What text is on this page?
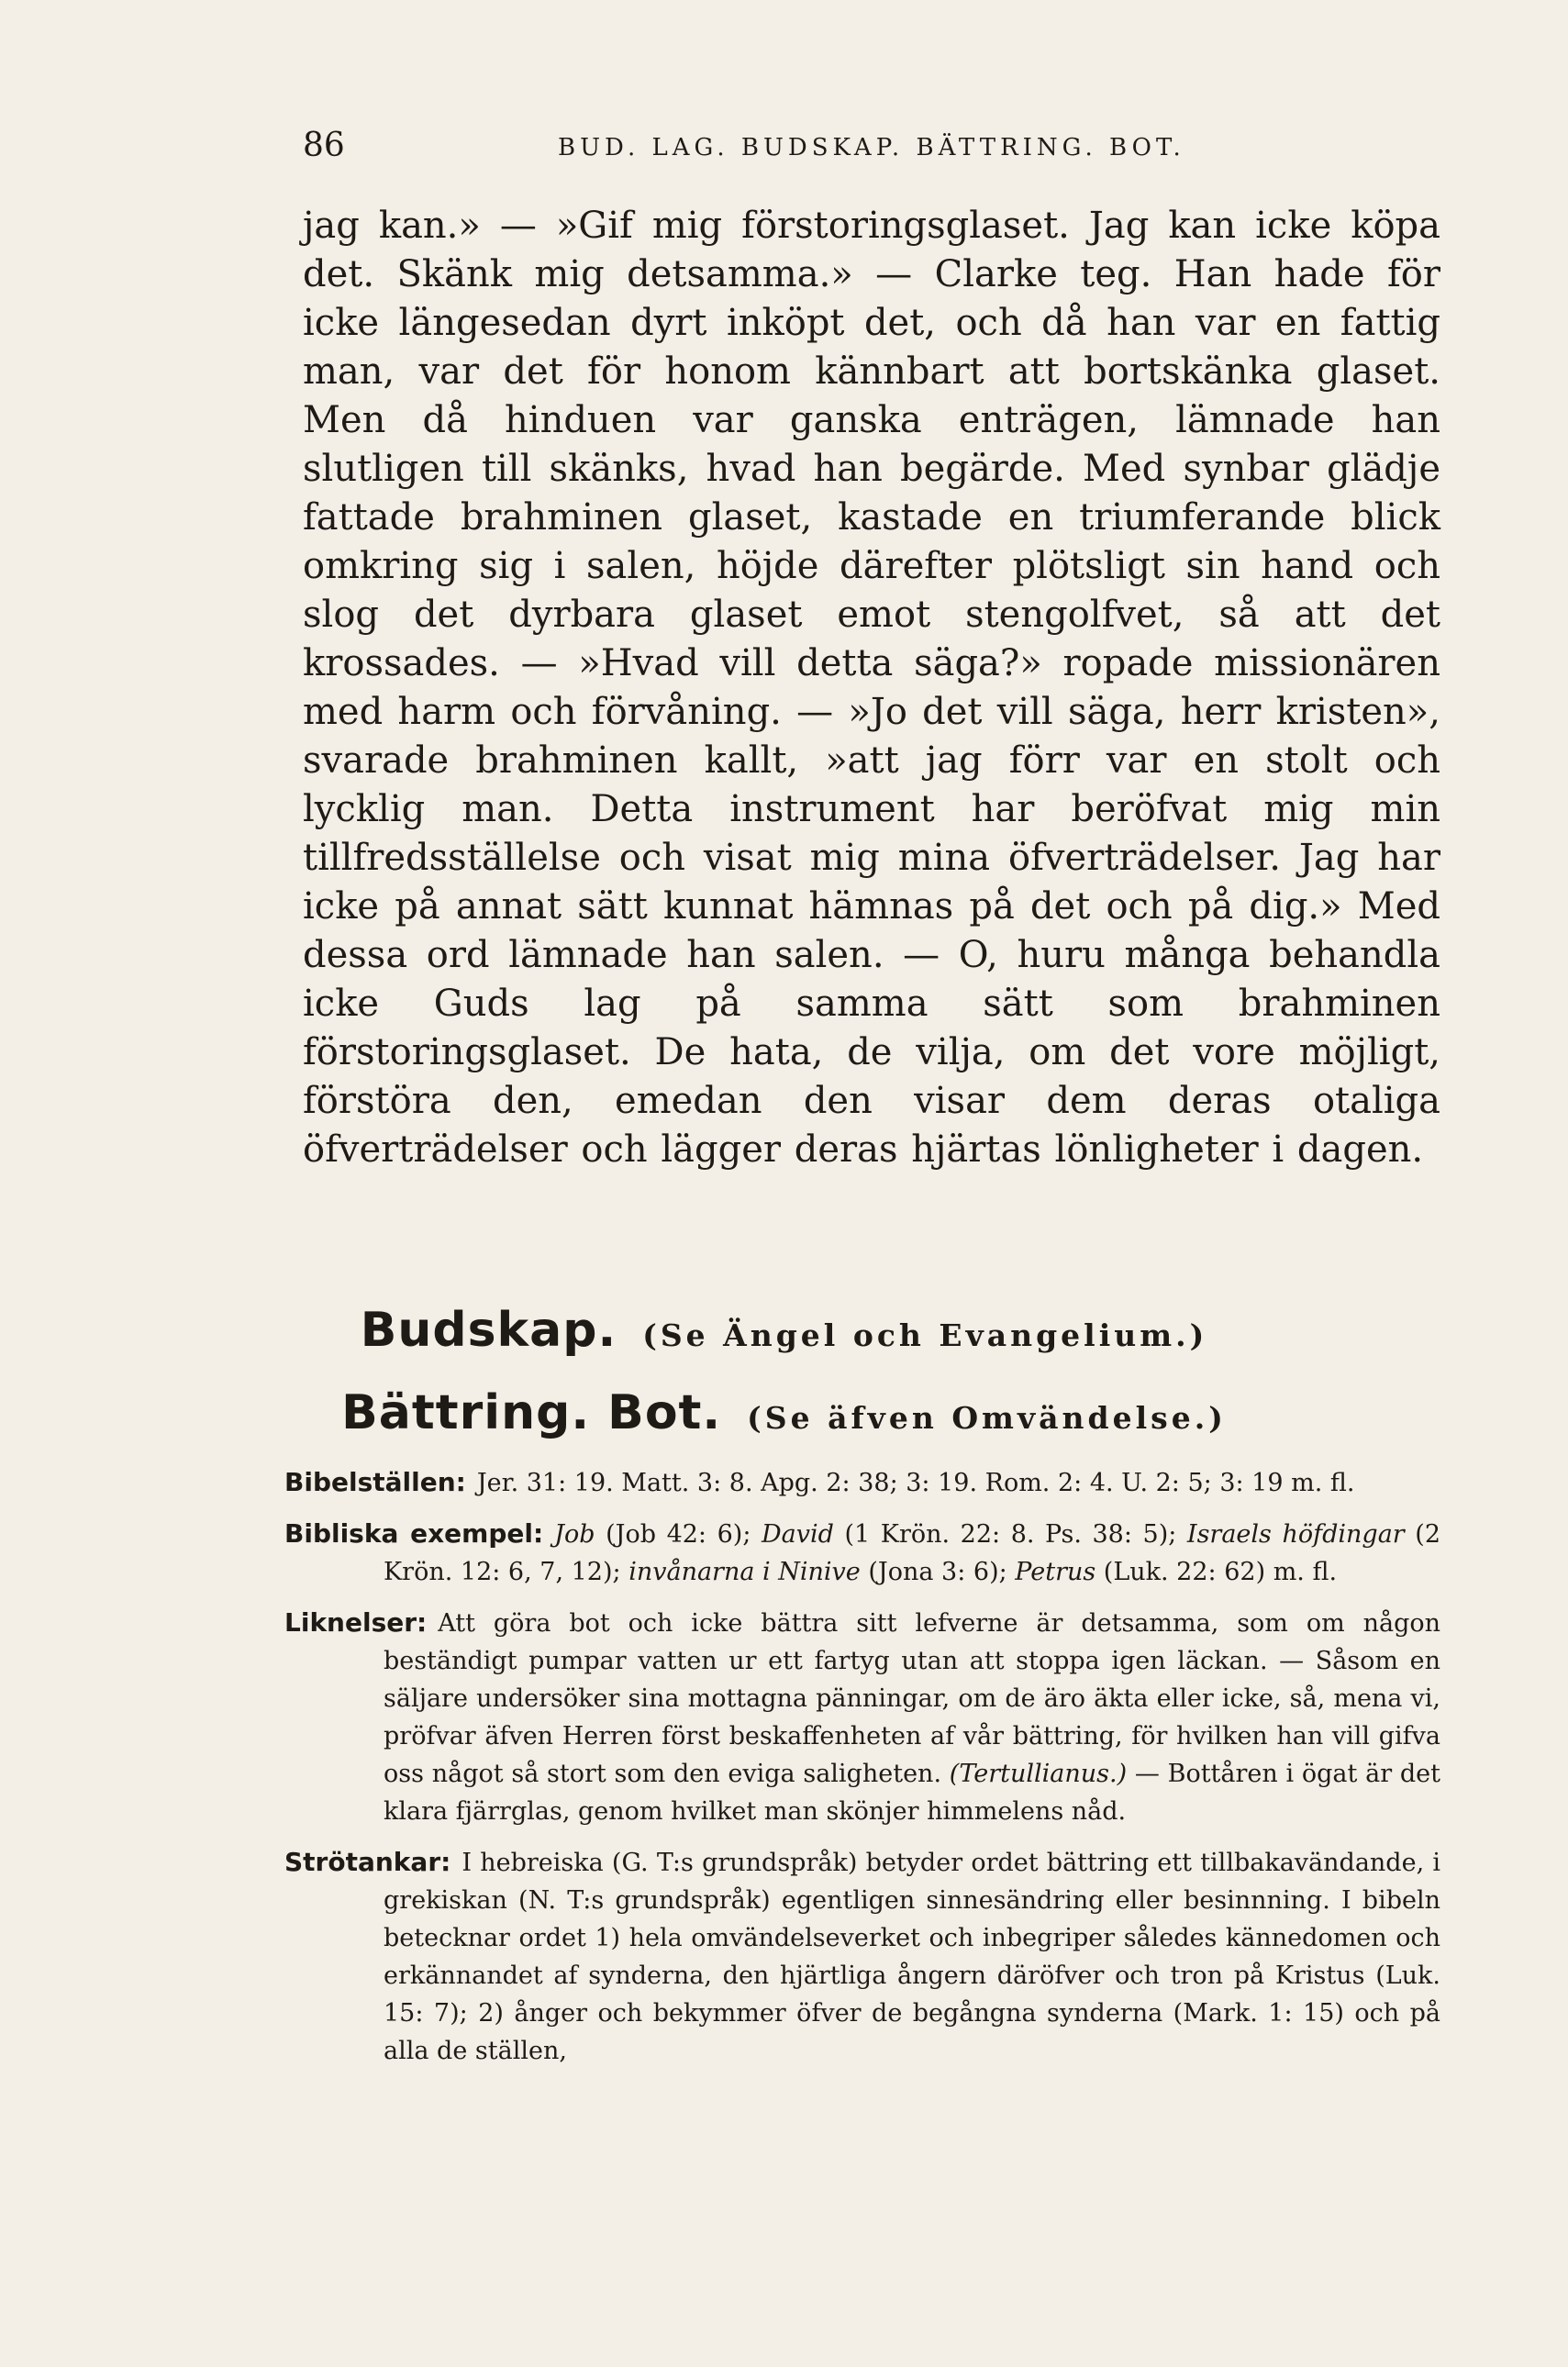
86	BUD. LAG. BUDSKAP. BÄTTRING. BOT.

jag kan.» — »Gif mig förstoringsglaset. Jag kan icke köpa det. Skänk mig detsamma.» — Clarke teg. Han hade för icke längesedan dyrt inköpt det, och då han var en fattig man, var det för honom kännbart att bortskänka glaset. Men då hinduen var ganska enträgen, lämnade han slutligen till skänks, hvad han begärde. Med synbar glädje fattade brahminen glaset, kastade en triumferande blick omkring sig i salen, höjde därefter plötsligt sin hand och slog det dyrbara glaset emot stengolfvet, så att det krossades. — »Hvad vill detta säga?» ropade missionären med harm och förvåning. — »Jo det vill säga, herr kristen», svarade brahminen kallt, »att jag förr var en stolt och lycklig man. Detta instrument har beröfvat mig min tillfredsställelse och visat mig mina öfverträdelser. Jag har icke på annat sätt kunnat hämnas på det och på dig.» Med dessa ord lämnade han salen. — O, huru många behandla icke Guds lag på samma sätt som brahminen förstoringsglaset. De hata, de vilja, om det vore möjligt, förstöra den, emedan den visar dem deras otaliga öfverträdelser och lägger deras hjärtas lönligheter i dagen.

Budskap. (Se Ängel och Evangelium.)
Bättring. Bot. (Se äfven Omvändelse.)

Bibelställen: Jer. 31: 19. Matt. 3: 8. Apg. 2: 38; 3: 19. Rom. 2: 4. U. 2: 5; 3: 19 m. fl.

Bibliska exempel: Job (Job 42: 6); David (1 Krön. 22: 8. Ps. 38: 5); Israels höfdingar (2 Krön. 12: 6, 7, 12); invånarna i Ninive (Jona 3: 6); Petrus (Luk. 22: 62) m. fl.

Liknelser: Att göra bot och icke bättra sitt lefverne är detsamma, som om någon beständigt pumpar vatten ur ett fartyg utan att stoppa igen läckan. — Såsom en säljare undersöker sina mottagna pänningar, om de äro äkta eller icke, så, mena vi, pröfvar äfven Herren först beskaffenheten af vår bättring, för hvilken han vill gifva oss något så stort som den eviga saligheten. (Tertullianus.) — Bottåren i ögat är det klara fjärrglas, genom hvilket man skönjer himmelens nåd.

Strötankar: I hebreiska (G. T:s grundspråk) betyder ordet bättring ett tillbakavändande, i grekiskan (N. T:s grundspråk) egentligen sinnesändring eller besinnning. I bibeln betecknar ordet 1) hela omvändelseverket och inbegriper således kännedomen och erkännandet af synderna, den hjärtliga ångern däröfver och tron på Kristus (Luk. 15: 7); 2) ånger och bekymmer öfver de begångna synderna (Mark. 1: 15) och på alla de ställen,
